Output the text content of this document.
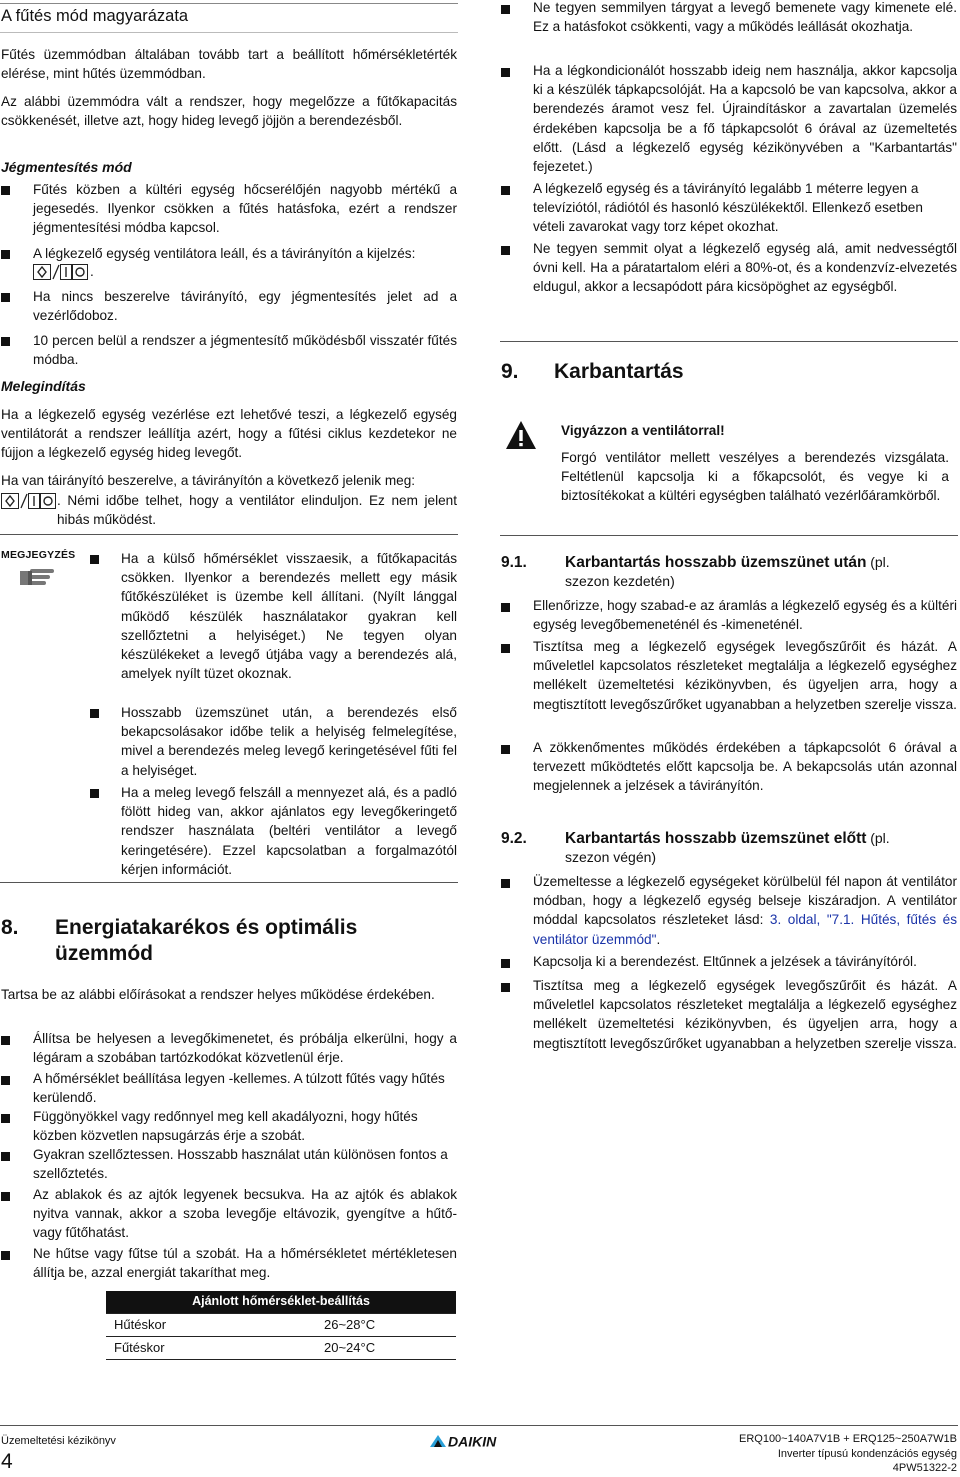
A fűtés mód magyarázata
Fűtés üzemmódban általában tovább tart a beállított hőmérsékletérték elérése, mint hűtés üzemmódban.
Az alábbi üzemmódra vált a rendszer, hogy megelőzze a fűtőkapacitás csökkenését, illetve azt, hogy hideg levegő jöjjön a berendezésből.
Jégmentesítés mód
Fűtés közben a kültéri egység hőcserélőjén nagyobb mértékű a jegesedés. Ilyenkor csökken a fűtés hatásfoka, ezért a rendszer jégmentesítési módba kapcsol.
A légkezelő egység ventilátora leáll, és a távirányítón a kijelzés:
.
Ha nincs beszerelve távirányító, egy jégmentesítés jelet ad a vezérlődoboz.
10 percen belül a rendszer a jégmentesítő működésből visszatér fűtés módba.
Melegindítás
Ha a légkezelő egység vezérlése ezt lehetővé teszi, a légkezelő egység ventilátorát a rendszer leállítja azért, hogy a fűtési ciklus kezdetekor ne fújjon a légkezelő egység hideg levegőt.
Ha van táirányító beszerelve, a távirányítón a következő jelenik meg:
. Némi időbe telhet, hogy a ventilátor elinduljon. Ez nem jelent hibás működést.
MEGJEGYZÉS	Ha a külső hőmérséklet visszaesik, a fűtőkapacitás csökken. Ilyenkor a berendezés mellett egy másik fűtőkészüléket is üzembe kell állítani. (Nyílt lánggal működő készülék használatakor gyakran kell szellőztetni a helyiséget.) Ne tegyen olyan készülékeket a levegő útjába vagy a berendezés alá, amelyek nyílt tüzet okoznak.
Hosszabb üzemszünet után, a berendezés első bekapcsolásakor időbe telik a helyiség felmelegítése, mivel a berendezés meleg levegő keringetésével fűti fel a helyiséget.
Ha a meleg levegő felszáll a mennyezet alá, és a padló fölött hideg van, akkor ajánlatos egy levegőkeringető rendszer használata (beltéri ventilátor a levegő keringetésére). Ezzel kapcsolatban a forgalmazótól kérjen információt.
8. Energiatakarékos és optimális
üzemmód
Tartsa be az alábbi előírásokat a rendszer helyes működése érdekében.
Állítsa be helyesen a levegőkimenetet, és próbálja elkerülni, hogy a légáram a szobában tartózkodókat közvetlenül érje.
A hőmérséklet beállítása legyen -kellemes. A túlzott fűtés vagy hűtés kerülendő.
Függönyökkel vagy redőnnyel meg kell akadályozni, hogy hűtés közben közvetlen napsugárzás érje a szobát.
Gyakran szellőztessen. Hosszabb használat után különösen fontos a szellőztetés.
Az ablakok és az ajtók legyenek becsukva. Ha az ajtók és ablakok nyitva vannak, akkor a szoba levegője eltávozik, gyengítve a hűtő- vagy fűtőhatást.
Ne hűtse vagy fűtse túl a szobát. Ha a hőmérsékletet mértékletesen állítja be, azzal energiát takaríthat meg.
Ajánlott hőmérséklet-beállítás	
Hűtéskor	26~28°C
Fűtéskor	20~24°C
Ne tegyen semmilyen tárgyat a levegő bemenete vagy kimenete elé. Ez a hatásfokot csökkenti, vagy a működés leállását okozhatja.
Ha a légkondicionálót hosszabb ideig nem használja, akkor kapcsolja ki a készülék tápkapcsolóját. Ha a kapcsoló be van kapcsolva, akkor a berendezés áramot vesz fel. Újraindításkor a zavartalan üzemelés érdekében kapcsolja be a fő tápkapcsolót 6 órával az üzemeltetés előtt. (Lásd a légkezelő egység kézikönyvében a "Karbantartás" fejezetet.)
A légkezelő egység és a távirányító legalább 1 méterre legyen a televíziótól, rádiótól és hasonló készülékektől. Ellenkező esetben vételi zavarokat vagy torz képet okozhat.
Ne tegyen semmit olyat a légkezelő egység alá, amit nedvességtől óvni kell. Ha a páratartalom eléri a 80%-ot, és a kondenzvíz-elvezetés eldugul, akkor a lecsapódott pára kicsöpöghet az egységből.
9. Karbantartás
Vigyázzon a ventilátorral!
Forgó ventilátor mellett veszélyes a berendezés vizsgálata. Feltétlenül kapcsolja ki a főkapcsolót, és vegye ki a biztosítékokat a kültéri egységben található vezérlőáramkörből.
9.1. Karbantartás hosszabb üzemszünet után (pl.
szezon kezdetén)
Ellenőrizze, hogy szabad-e az áramlás a légkezelő egység és a kültéri egység levegőbemeneténél és -kimeneténél.
Tisztítsa meg a légkezelő egységek levegőszűrőit és házát. A műveletlel kapcsolatos részleteket megtalálja a légkezelő egységhez mellékelt üzemeltetési kézikönyvben, és ügyeljen arra, hogy a megtisztított levegőszűrőket ugyanabban a helyzetben szerelje vissza.
A zökkenőmentes működés érdekében a tápkapcsolót 6 órával a tervezett működtetés előtt kapcsolja be. A bekapcsolás után azonnal megjelennek a jelzések a távirányítón.
9.2. Karbantartás hosszabb üzemszünet előtt (pl.
szezon végén)
Üzemeltesse a légkezelő egységeket körülbelül fél napon át ventilátor módban, hogy a légkezelő egység belseje kiszáradjon. A ventilátor móddal kapcsolatos részleteket lásd: 3. oldal, "7.1. Hűtés, fűtés és ventilátor üzemmód".
Kapcsolja ki a berendezést. Eltűnnek a jelzések a távirányítóról.
Tisztítsa meg a légkezelő egységek levegőszűrőit és házát. A műveletlel kapcsolatos részleteket megtalálja a légkezelő egységhez mellékelt üzemeltetési kézikönyvben, és ügyeljen arra, hogy a megtisztított levegőszűrőket ugyanabban a helyzetben szerelje vissza.
Üzemeltetési kézikönyv
4
DAIKIN	ERQ100~140A7V1B + ERQ125~250A7W1B
Inverter típusú kondenzációs egység
4PW51322-2
